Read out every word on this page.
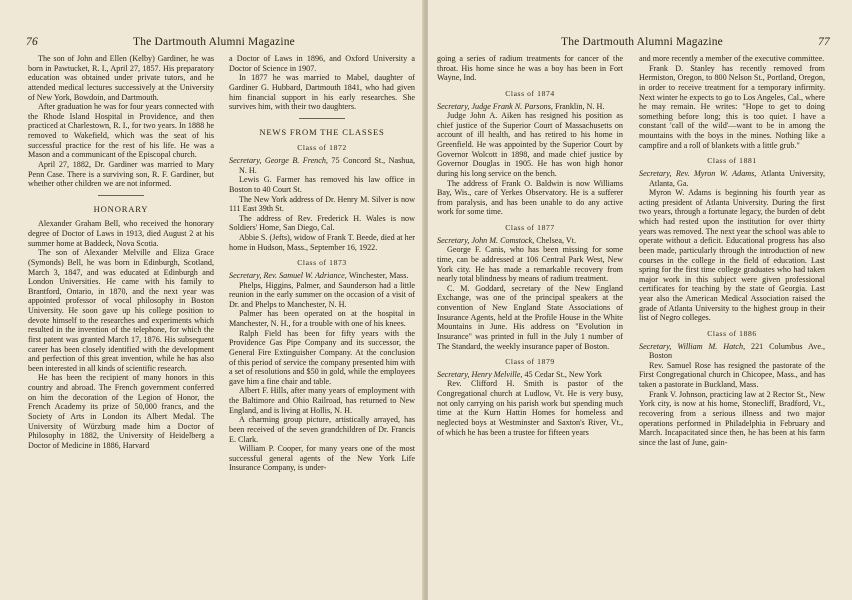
76	The Dartmouth Alumni Magazine

The son of John and Ellen (Kelby) Gardiner, he was born in Pawtucket, R. I., April 27, 1857. His preparatory education was obtained under private tutors, and he attended medical lectures successively at the University of New York, Bowdoin, and Dartmouth.

After graduation he was for four years connected with the Rhode Island Hospital in Providence, and then practiced at Charlestown, R. I., for two years. In 1888 he removed to Wakefield, which was the seat of his successful practice for the rest of his life. He was a Mason and a communicant of the Episcopal church.

April 27, 1882, Dr. Gardiner was married to Mary Penn Case. There is a surviving son, R. F. Gardiner, but whether other children we are not informed.

HONORARY

Alexander Graham Bell, who received the honorary degree of Doctor of Laws in 1913, died August 2 at his summer home at Baddeck, Nova Scotia.

The son of Alexander Melville and Eliza Grace (Symonds) Bell, he was born in Edinburgh, Scotland, March 3, 1847, and was educated at Edinburgh and London Universities. He came with his family to Brantford, Ontario, in 1870, and the next year was appointed professor of vocal philosophy in Boston University. He soon gave up his college position to devote himself to the researches and experiments which resulted in the invention of the telephone, for which the first patent was granted March 17, 1876. His subsequent career has been closely identified with the development and perfection of this great invention, while he has also been interested in all kinds of scientific research.

He has been the recipient of many honors in this country and abroad. The French government conferred on him the decoration of the Legion of Honor, the French Academy its prize of 50,000 francs, and the Society of Arts in London its Albert Medal. The University of Würzburg made him a Doctor of Philosophy in 1882, the University of Heidelberg a Doctor of Medicine in 1886, Harvard

a Doctor of Laws in 1896, and Oxford University a Doctor of Science in 1907.

In 1877 he was married to Mabel, daughter of Gardiner G. Hubbard, Dartmouth 1841, who had given him financial support in his early researches. She survives him, with their two daughters.

NEWS FROM THE CLASSES
Class of 1872

Secretary, George B. French, 75 Concord St., Nashua, N. H.

Lewis G. Farmer has removed his law office in Boston to 40 Court St.

The New York address of Dr. Henry M. Silver is now 111 East 39th St.

The address of Rev. Frederick H. Wales is now Soldiers' Home, San Diego, Cal.

Abbie S. (Jefts), widow of Frank T. Beede, died at her home in Hudson, Mass., September 16, 1922.

Class of 1873

Secretary, Rev. Samuel W. Adriance, Winchester, Mass.

Phelps, Higgins, Palmer, and Saunderson had a little reunion in the early summer on the occasion of a visit of Dr. and Phelps to Manchester, N. H.

Palmer has been operated on at the hospital in Manchester, N. H., for a trouble with one of his knees.

Ralph Field has been for fifty years with the Providence Gas Pipe Company and its successor, the General Fire Extinguisher Company. At the conclusion of this period of service the company presented him with a set of resolutions and $50 in gold, while the employees gave him a fine chair and table.

Albert F. Hills, after many years of employment with the Baltimore and Ohio Railroad, has returned to New England, and is living at Hollis, N. H.

A charming group picture, artistically arrayed, has been received of the seven grandchildren of Dr. Francis E. Clark.

William P. Cooper, for many years one of the most successful general agents of the New York Life Insurance Company, is under-

The Dartmouth Alumni Magazine	77

going a series of radium treatments for cancer of the throat. His home since he was a boy has been in Fort Wayne, Ind.

Class of 1874

Secretary, Judge Frank N. Parsons, Franklin, N. H.

Judge John A. Aiken has resigned his position as chief justice of the Superior Court of Massachusetts on account of ill health, and has retired to his home in Greenfield. He was appointed by the Superior Court by Governor Wolcott in 1898, and made chief justice by Governor Douglas in 1905. He has won high honor during his long service on the bench.

The address of Frank O. Baldwin is now Williams Bay, Wis., care of Yerkes Observatory. He is a sufferer from paralysis, and has been unable to do any active work for some time.

Class of 1877

Secretary, John M. Comstock, Chelsea, Vt.

George F. Canis, who has been missing for some time, can be addressed at 106 Central Park West, New York city. He has made a remarkable recovery from nearly total blindness by means of radium treatment.

C. M. Goddard, secretary of the New England Exchange, was one of the principal speakers at the convention of New England State Associations of Insurance Agents, held at the Profile House in the White Mountains in June. His address on "Evolution in Insurance" was printed in full in the July 1 number of The Standard, the weekly insurance paper of Boston.

Class of 1879

Secretary, Henry Melville, 45 Cedar St., New York

Rev. Clifford H. Smith is pastor of the Congregational church at Ludlow, Vt. He is very busy, not only carrying on his parish work but spending much time at the Kurn Hattin Homes for homeless and neglected boys at Westminster and Saxton's River, Vt., of which he has been a trustee for fifteen years

and more recently a member of the executive committee.

Frank D. Stanley has recently removed from Hermiston, Oregon, to 800 Nelson St., Portland, Oregon, in order to receive treatment for a temporary infirmity. Next winter he expects to go to Los Angeles, Cal., where he may remain. He writes: "Hope to get to doing something before long; this is too quiet. I have a constant 'call of the wild'—want to be in among the mountains with the boys in the mines. Nothing like a campfire and a roll of blankets with a little grub."

Class of 1881

Secretary, Rev. Myron W. Adams, Atlanta University, Atlanta, Ga.

Myron W. Adams is beginning his fourth year as acting president of Atlanta University. During the first two years, through a fortunate legacy, the burden of debt which had rested upon the institution for over thirty years was removed. The next year the school was able to operate without a deficit. Educational progress has also been made, particularly through the introduction of new courses in the college in the field of education. Last spring for the first time college graduates who had taken major work in this subject were given professional certificates for teaching by the state of Georgia. Last year also the American Medical Association raised the grade of Atlanta University to the highest group in their list of Negro colleges.

Class of 1886

Secretary, William M. Hatch, 221 Columbus Ave., Boston

Rev. Samuel Rose has resigned the pastorate of the First Congregational church in Chicopee, Mass., and has taken a pastorate in Buckland, Mass.

Frank V. Johnson, practicing law at 2 Rector St., New York city, is now at his home, Stonecliff, Bradford, Vt., recovering from a serious illness and two major operations performed in Philadelphia in February and March. Incapacitated since then, he has been at his farm since the last of June, gain-
